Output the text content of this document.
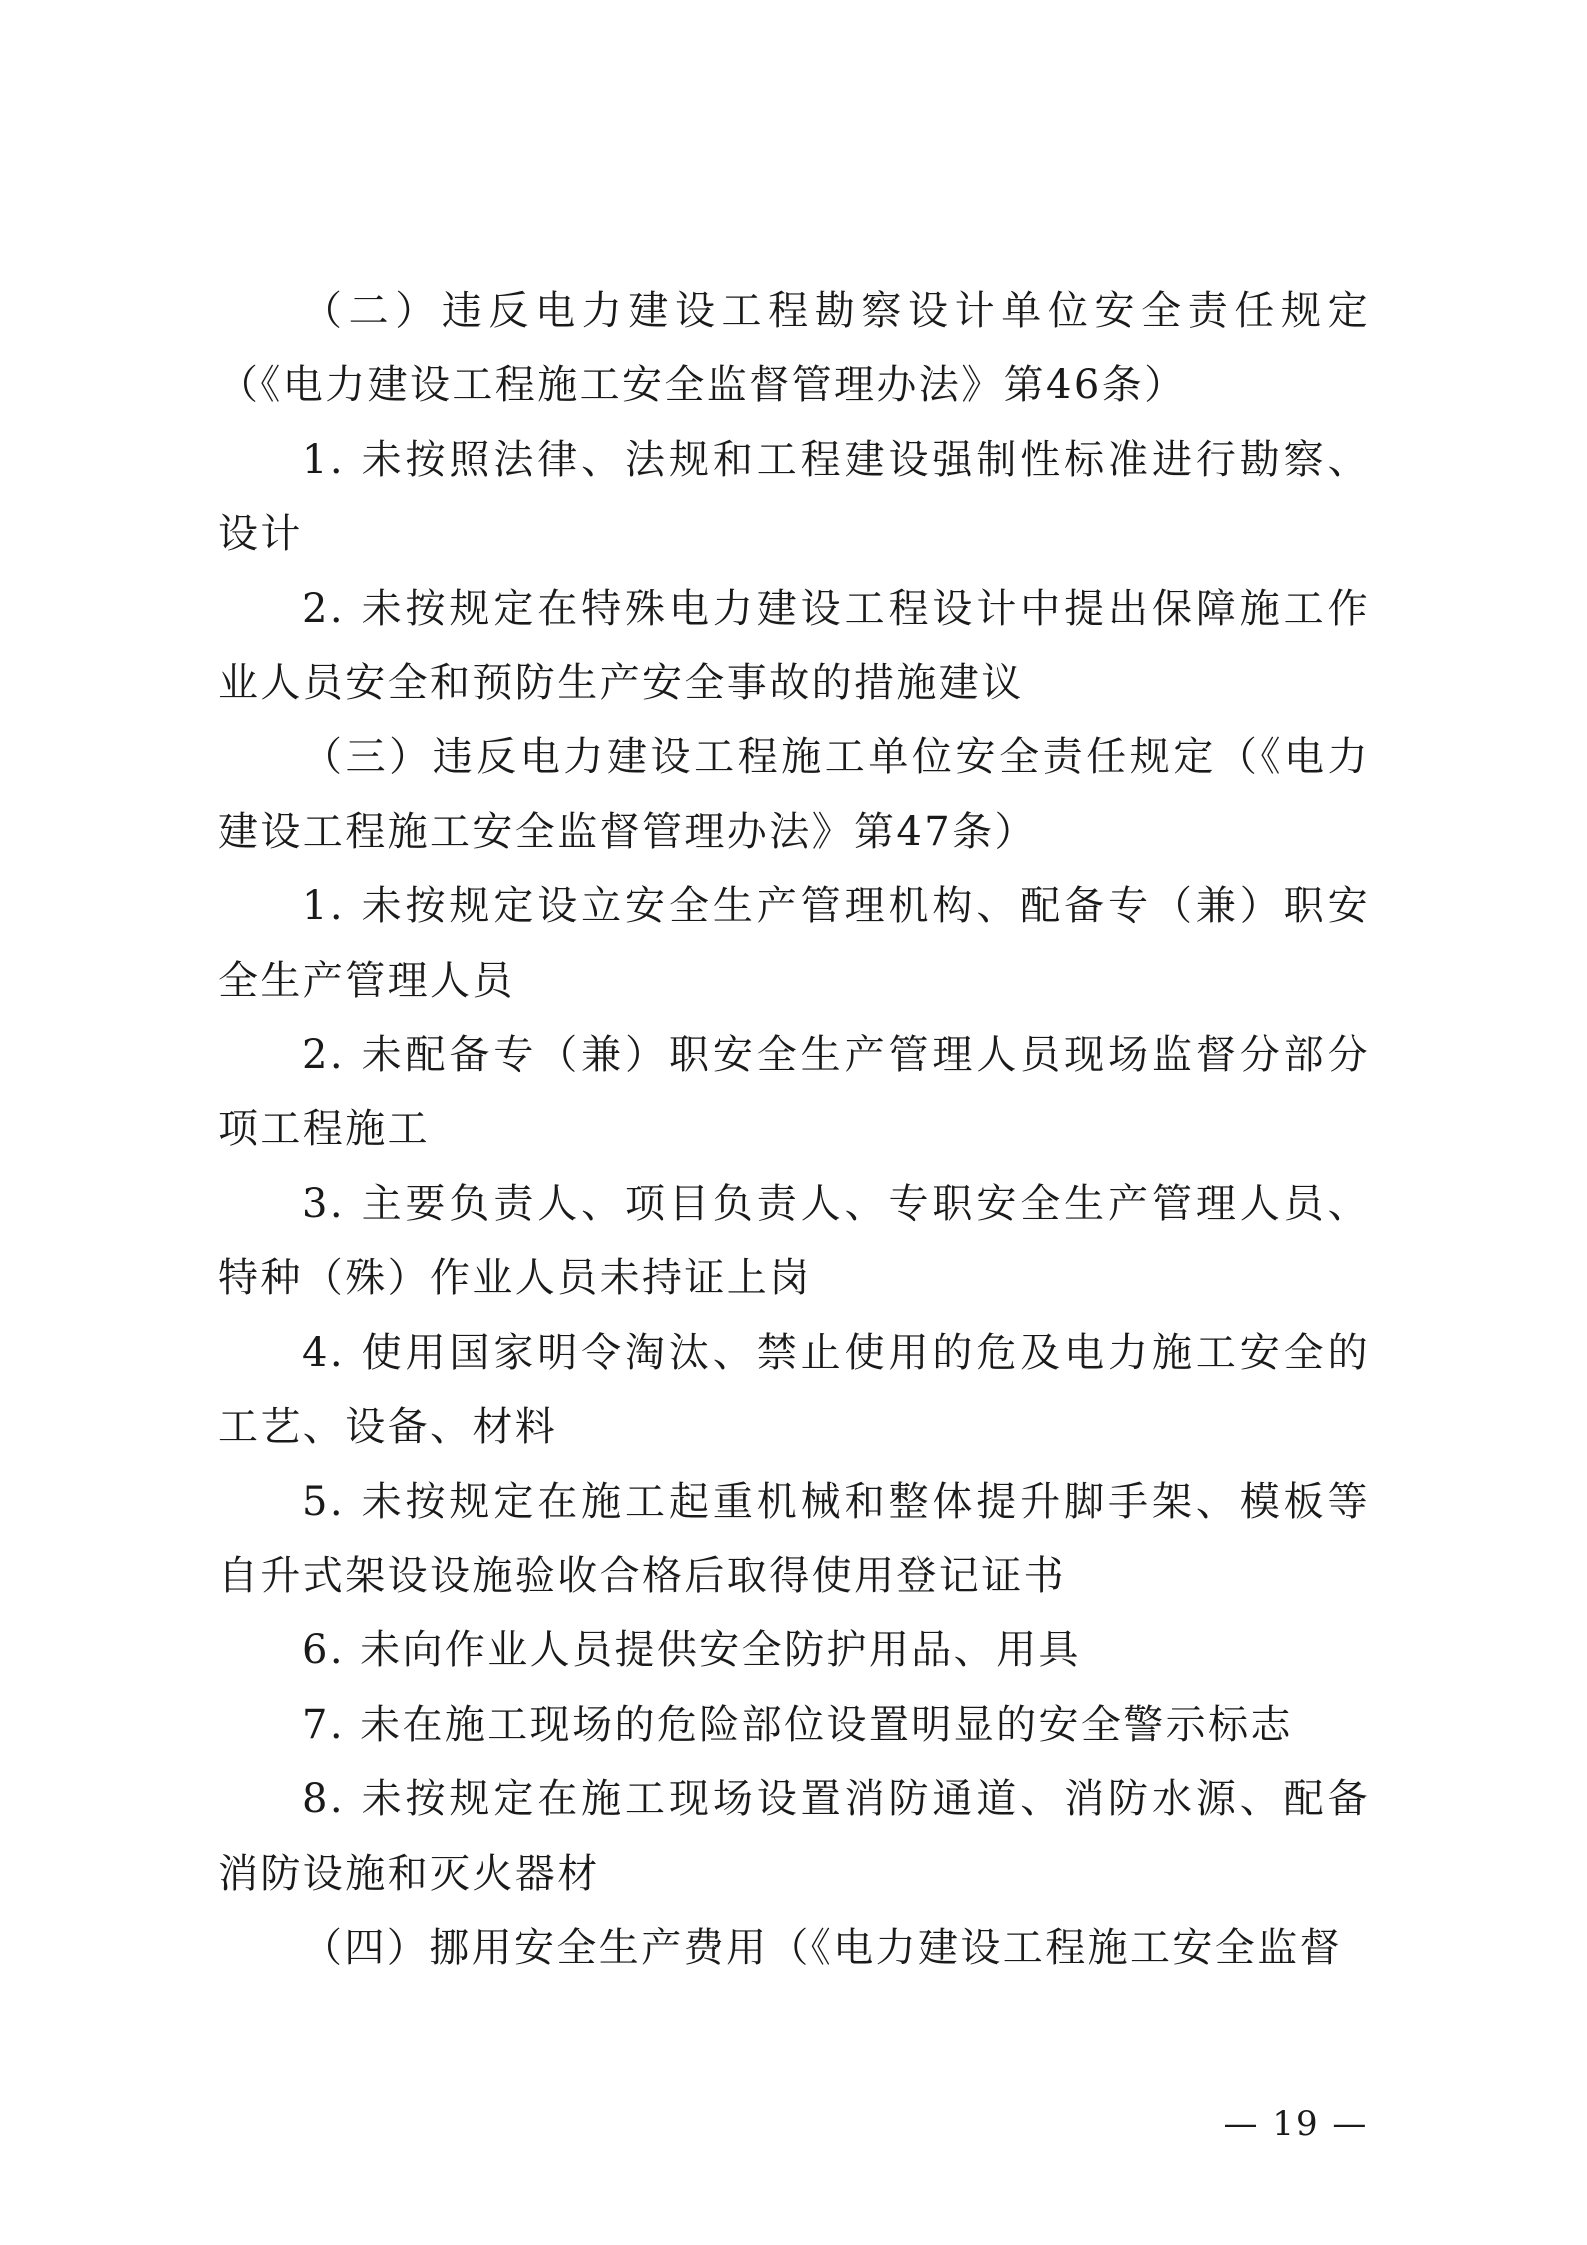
（二）违反电力建设工程勘察设计单位安全责任规定（《电力建设工程施工安全监督管理办法》第46条）

1. 未按照法律、法规和工程建设强制性标准进行勘察、设计

2. 未按规定在特殊电力建设工程设计中提出保障施工作业人员安全和预防生产安全事故的措施建议

（三）违反电力建设工程施工单位安全责任规定（《电力建设工程施工安全监督管理办法》第47条）

1. 未按规定设立安全生产管理机构、配备专（兼）职安全生产管理人员

2. 未配备专（兼）职安全生产管理人员现场监督分部分项工程施工

3. 主要负责人、项目负责人、专职安全生产管理人员、特种（殊）作业人员未持证上岗

4. 使用国家明令淘汰、禁止使用的危及电力施工安全的工艺、设备、材料

5. 未按规定在施工起重机械和整体提升脚手架、模板等自升式架设设施验收合格后取得使用登记证书

6. 未向作业人员提供安全防护用品、用具

7. 未在施工现场的危险部位设置明显的安全警示标志

8. 未按规定在施工现场设置消防通道、消防水源、配备消防设施和灭火器材

（四）挪用安全生产费用（《电力建设工程施工安全监督

— 19 —
